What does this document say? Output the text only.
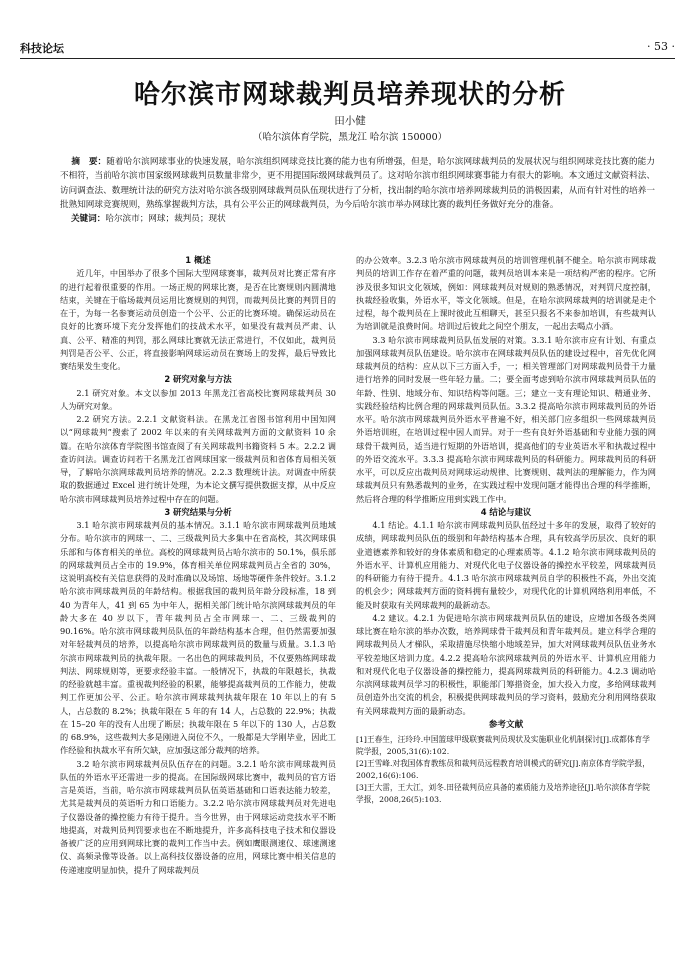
科技论坛	· 53 ·
哈尔滨市网球裁判员培养现状的分析
田小健
（哈尔滨体育学院，黑龙江 哈尔滨 150000）

摘　要：随着哈尔滨网球事业的快速发展，哈尔滨组织网球竞技比赛的能力也有所增强，但是，哈尔滨网球裁判员的发展状况与组织网球竞技比赛的能力不相符，当前哈尔滨市国家级网球裁判员数量非常少，更不用提国际级网球裁判员了。这对哈尔滨市组织网球赛事能力有很大的影响。本文通过文献资料法、访问调查法、数理统计法的研究方法对哈尔滨各级别网球裁判员队伍现状进行了分析，找出制约哈尔滨市培养网球裁判员的消极因素，从而有针对性的培养一批熟知网球竞赛规则，熟练掌握裁判方法，具有公平公正的网球裁判员，为今后哈尔滨市举办网球比赛的裁判任务做好充分的准备。

关键词：哈尔滨市；网球；裁判员；现状

1 概述

近几年，中国举办了很多个国际大型网球赛事，裁判员对比赛正常有序的进行起着很重要的作用。一场正规的网球比赛，是否在比赛规则内圆满地结束，关键在于临场裁判员运用比赛规则的判罚，而裁判员比赛的判罚目的在于，为每一名参赛运动员创造一个公平、公正的比赛环境。确保运动员在良好的比赛环境下充分发挥他们的技战术水平，如果没有裁判员严肃、认真、公平、精准的判罚，那么网球比赛就无法正常进行，不仅如此，裁判员判罚是否公平、公正，将直接影响网球运动员在赛场上的发挥，最后导致比赛结果发生变化。

2 研究对象与方法

2.1 研究对象。本文以参加 2013 年黑龙江省高校比赛网球裁判员 30 人为研究对象。

2.2 研究方法。2.2.1 文献资料法。在黑龙江省图书馆利用中国知网以“网球裁判”搜索了 2002 年以来的有关网球裁判方面的文献资料 10 余篇。在哈尔滨体育学院图书馆查阅了有关网球裁判书籍资料 5 本。2.2.2 调查访问法。调查访问若干名黑龙江省网球国家一级裁判员和省体育局相关领导，了解哈尔滨网球裁判员培养的情况。2.2.3 数理统计法。对调查中所获取的数据通过 Excel 进行统计处理，为本论文撰写提供数据支撑，从中反应哈尔滨市网球裁判员培养过程中存在的问题。

3 研究结果与分析

3.1 哈尔滨市网球裁判员的基本情况。3.1.1 哈尔滨市网球裁判员地域分布。哈尔滨市的网球一、二、三级裁判员大多集中在省高校，其次网球俱乐部和与体育相关的单位。高校的网球裁判员占哈尔滨市的 50.1%，俱乐部的网球裁判员占全市的 19.9%，体育相关单位网球裁判员占全省的 30%，这说明高校有关信息获得的及时准确以及场馆、场地等硬件条件较好。3.1.2 哈尔滨市网球裁判员的年龄结构。根据我国的裁判员年龄分段标准，18 到 40 为青年人，41 到 65 为中年人，据相关部门统计哈尔滨网球裁判员的年龄大多在 40 岁以下，青年裁判员占全市网球一、二、三级裁判的 90.16%。哈尔滨市网球裁判员队伍的年龄结构基本合理，但仍然需要加强对年轻裁判员的培养，以提高哈尔滨市网球裁判员的数量与质量。3.1.3 哈尔滨市网球裁判员的执裁年限。一名出色的网球裁判员，不仅要熟练网球裁判法、网球规则等，更要求经验丰富。一般情况下，执裁的年限越长，执裁的经验就越丰富。重视裁判经验的积累，能够提高裁判员的工作能力，使裁判工作更加公平、公正。哈尔滨市网球裁判执裁年限在 10 年以上的有 5 人，占总数的 8.2%；执裁年限在 5 年的有 14 人，占总数的 22.9%；执裁在 15–20 年的没有人出现了断层；执裁年限在 5 年以下的 130 人，占总数的 68.9%，这些裁判大多是刚进入岗位不久，一般都是大学刚毕业，因此工作经验和执裁水平有所欠缺，应加强这部分裁判的培养。

3.2 哈尔滨市网球裁判员队伍存在的问题。3.2.1 哈尔滨市网球裁判员队伍的外语水平还需进一步的提高。在国际级网球比赛中，裁判员的官方语言是英语，当前，哈尔滨市网球裁判员队伍英语基础和口语表达能力较差，尤其是裁判员的英语听力和口语能力。3.2.2 哈尔滨市网球裁判员对先进电子仪器设备的操控能力有待于提升。当今世界，由于网球运动竞技水平不断地提高，对裁判员判罚要求也在不断地提升，许多高科技电子技术和仪器设备被广泛的应用到网球比赛的裁判工作当中去。例如鹰眼测速仪、球速测速仪、高频录像等设备。以上高科技仪器设备的应用，网球比赛中相关信息的传递速度明显加快，提升了网球裁判员

的办公效率。3.2.3 哈尔滨市网球裁判员的培训管理机制不健全。哈尔滨市网球裁判员的培训工作存在着严重的问题，裁判员培训本来是一项结构严密的程序。它所涉及很多知识文化领域，例如：网球裁判员对规则的熟悉情况，对判罚尺度控制，执裁经验收集，外语水平，等文化领域。但是，在哈尔滨网球裁判的培训就是走个过程，每个裁判员在上课时彼此互相聊天，甚至只报名不来参加培训，有些裁判认为培训就是浪费时间。培训过后彼此之间空个朋友，一起出去喝点小酒。

3.3 哈尔滨市网球裁判员队伍发展的对策。3.3.1 哈尔滨市应有计划、有重点加强网球裁判员队伍建设。哈尔滨市在网球裁判员队伍的建设过程中，首先优化网球裁判员的结构：应从以下三方面入手，一；相关管理部门对网球裁判员骨干力量进行培养的同时发展一些年轻力量。二；要全面考虑到哈尔滨市网球裁判员队伍的年龄、性别、地域分布、知识结构等问题。三；建立一支有理论知识、精通业务、实践经验结构比例合理的网球裁判员队伍。3.3.2 提高哈尔滨市网球裁判员的外语水平。哈尔滨市网球裁判员外语水平普遍不好，相关部门应多组织一些网球裁判员外语培训班，在培训过程中因人而异。对于一些有良好外语基础和专业能力强的网球骨干裁判员，适当进行短期的外语培训，提高他们的专业英语水平和执裁过程中的外语交流水平。3.3.3 提高哈尔滨市网球裁判员的科研能力。网球裁判员的科研水平，可以反应出裁判员对网球运动规律、比赛规则、裁判法的理解能力，作为网球裁判员只有熟悉裁判的业务，在实践过程中发现问题才能得出合理的科学推断，然后将合理的科学推断应用到实践工作中。

4 结论与建议

4.1 结论。4.1.1 哈尔滨市网球裁判员队伍经过十多年的发展，取得了较好的成绩，网球裁判员队伍的级别和年龄结构基本合理，具有较高学历层次、良好的职业道德素养和较好的身体素质和稳定的心理素质等。4.1.2 哈尔滨市网球裁判员的外语水平、计算机应用能力、对现代化电子仪器设备的操控水平较差，网球裁判员的科研能力有待于提升。4.1.3 哈尔滨市网球裁判员自学的积极性不高，外出交流的机会少；网球裁判方面的资料拥有量较少，对现代化的计算机网络利用率低，不能及时获取有关网球裁判的最新动态。

4.2 建议。4.2.1 为促进哈尔滨市网球裁判员队伍的建设，应增加各级各类网球比赛在哈尔滨的举办次数，培养网球骨干裁判员和青年裁判员。建立科学合理的网球裁判员人才梯队，采取措施尽快缩小地域差异，加大对网球裁判员队伍业务水平较差地区培训力度。4.2.2 提高哈尔滨网球裁判员的外语水平、计算机应用能力和对现代化电子仪器设备的操控能力，提高网球裁判员的科研能力。4.2.3 调动哈尔滨网球裁判员学习的积极性，职能部门筹措资金，加大投入力度，多给网球裁判员创造外出交流的机会，积极提供网球裁判员的学习资料，鼓励充分利用网络获取有关网球裁判方面的最新动态。

参考文献

[1]王春生，汪玲玲.中国篮球甲级联赛裁判员现状及实施职业化机制探讨[J].成都体育学院学报，2005,31(6):102.

[2]王雪峰.对我国体育教练员和裁判员远程教育培训模式的研究[J].南京体育学院学报，2002,16(6):106.

[3]王大雷，王大江，刘冬.田径裁判员应具备的素质能力及培养途径[J].哈尔滨体育学院学报，2008,26(5):103.
